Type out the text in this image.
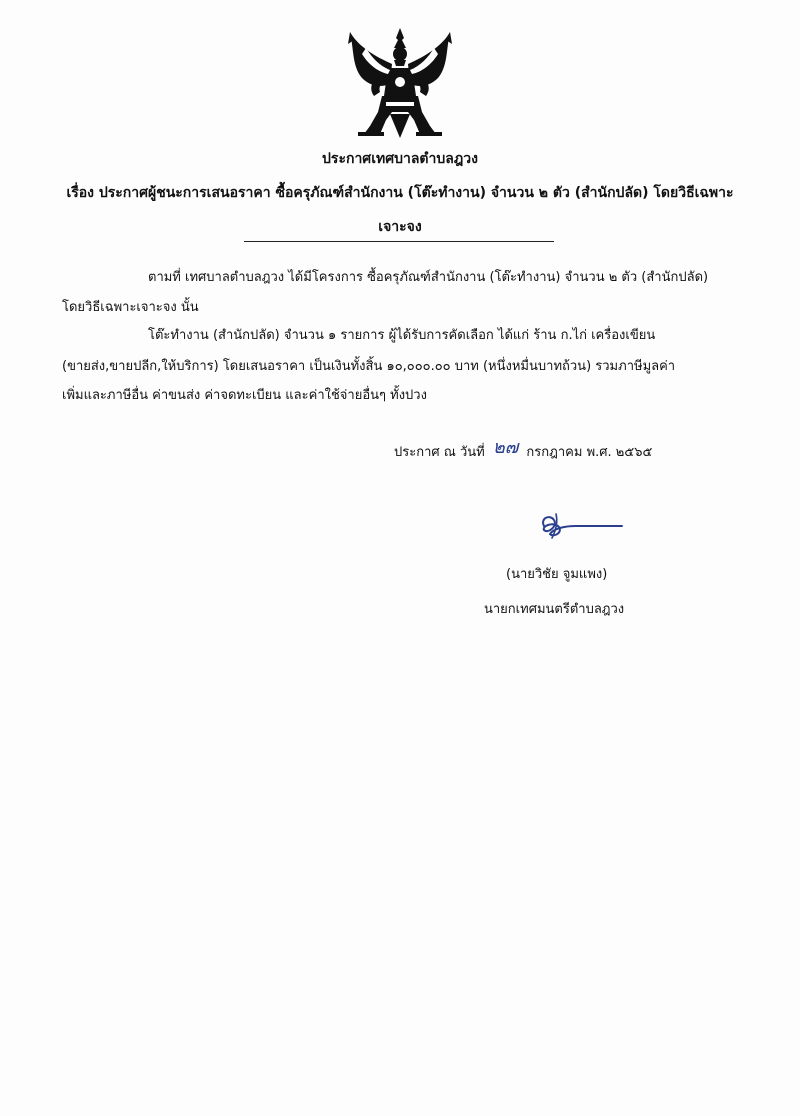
ประกาศเทศบาลตำบลฎวง
เรื่อง ประกาศผู้ชนะการเสนอราคา ซื้อครุภัณฑ์สำนักงาน (โต๊ะทำงาน) จำนวน ๒ ตัว (สำนักปลัด) โดยวิธีเฉพาะ
เจาะจง
ตามที่ เทศบาลตำบลฎวง ได้มีโครงการ ซื้อครุภัณฑ์สำนักงาน (โต๊ะทำงาน) จำนวน ๒ ตัว (สำนักปลัด)
โดยวิธีเฉพาะเจาะจง นั้น
โต๊ะทำงาน (สำนักปลัด) จำนวน ๑ รายการ ผู้ได้รับการคัดเลือก ได้แก่ ร้าน ก.ไก่ เครื่องเขียน
(ขายส่ง,ขายปลีก,ให้บริการ) โดยเสนอราคา เป็นเงินทั้งสิ้น ๑๐,๐๐๐.๐๐ บาท (หนึ่งหมื่นบาทถ้วน) รวมภาษีมูลค่า
เพิ่มและภาษีอื่น ค่าขนส่ง ค่าจดทะเบียน และค่าใช้จ่ายอื่นๆ ทั้งปวง
ประกาศ ณ วันที่ ๒๗ กรกฎาคม พ.ศ. ๒๕๖๕
(นายวิชัย จูมแพง)
นายกเทศมนตรีตำบลฎวง
